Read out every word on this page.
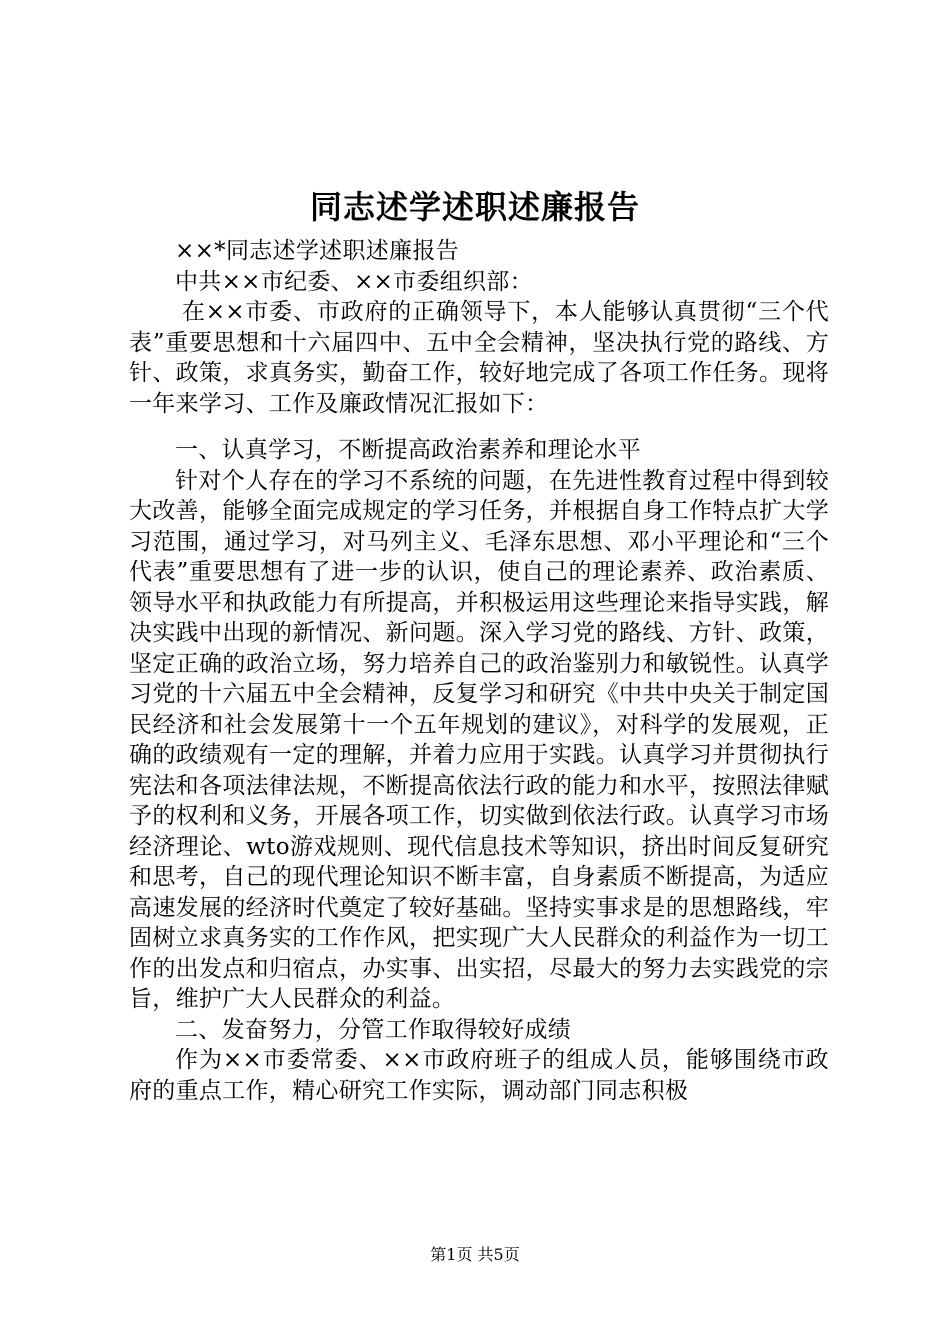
同志述学述职述廉报告

××*同志述学述职述廉报告

中共××市纪委、××市委组织部：

在××市委、市政府的正确领导下，本人能够认真贯彻“三个代表”重要思想和十六届四中、五中全会精神，坚决执行党的路线、方针、政策，求真务实，勤奋工作，较好地完成了各项工作任务。现将一年来学习、工作及廉政情况汇报如下：

一、认真学习，不断提高政治素养和理论水平

针对个人存在的学习不系统的问题，在先进性教育过程中得到较大改善，能够全面完成规定的学习任务，并根据自身工作特点扩大学习范围，通过学习，对马列主义、毛泽东思想、邓小平理论和“三个代表”重要思想有了进一步的认识，使自己的理论素养、政治素质、领导水平和执政能力有所提高，并积极运用这些理论来指导实践，解决实践中出现的新情况、新问题。深入学习党的路线、方针、政策，坚定正确的政治立场，努力培养自己的政治鉴别力和敏锐性。认真学习党的十六届五中全会精神，反复学习和研究《中共中央关于制定国民经济和社会发展第十一个五年规划的建议》，对科学的发展观，正确的政绩观有一定的理解，并着力应用于实践。认真学习并贯彻执行宪法和各项法律法规，不断提高依法行政的能力和水平，按照法律赋予的权利和义务，开展各项工作，切实做到依法行政。认真学习市场经济理论、wto游戏规则、现代信息技术等知识，挤出时间反复研究和思考，自己的现代理论知识不断丰富，自身素质不断提高，为适应高速发展的经济时代奠定了较好基础。坚持实事求是的思想路线，牢固树立求真务实的工作作风，把实现广大人民群众的利益作为一切工作的出发点和归宿点，办实事、出实招，尽最大的努力去实践党的宗旨，维护广大人民群众的利益。

二、发奋努力，分管工作取得较好成绩

作为××市委常委、××市政府班子的组成人员，能够围绕市政府的重点工作，精心研究工作实际，调动部门同志积极

第1页 共5页
